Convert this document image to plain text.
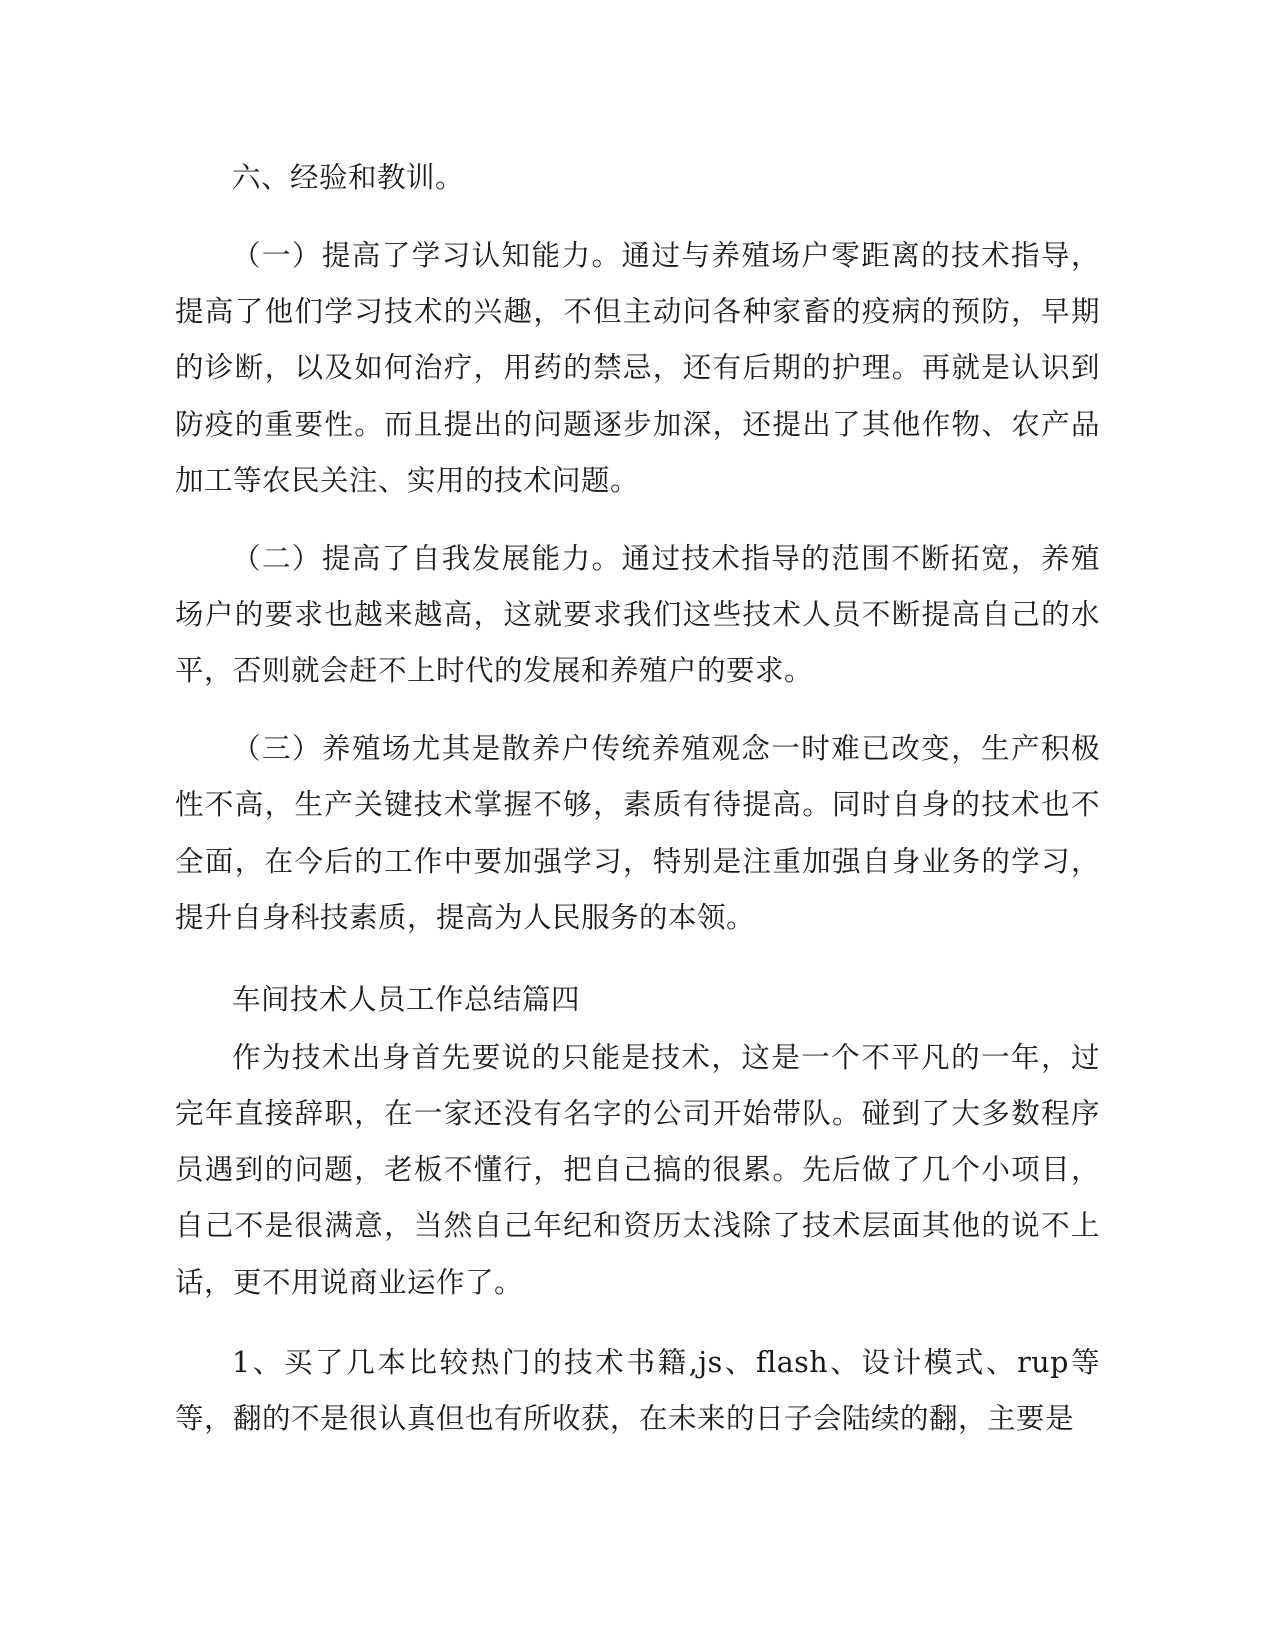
六、经验和教训。

（一）提高了学习认知能力。通过与养殖场户零距离的技术指导，提高了他们学习技术的兴趣，不但主动问各种家畜的疫病的预防，早期的诊断，以及如何治疗，用药的禁忌，还有后期的护理。再就是认识到防疫的重要性。而且提出的问题逐步加深，还提出了其他作物、农产品加工等农民关注、实用的技术问题。

（二）提高了自我发展能力。通过技术指导的范围不断拓宽，养殖场户的要求也越来越高，这就要求我们这些技术人员不断提高自己的水平，否则就会赶不上时代的发展和养殖户的要求。

（三）养殖场尤其是散养户传统养殖观念一时难已改变，生产积极性不高，生产关键技术掌握不够，素质有待提高。同时自身的技术也不全面，在今后的工作中要加强学习，特别是注重加强自身业务的学习，提升自身科技素质，提高为人民服务的本领。

车间技术人员工作总结篇四

作为技术出身首先要说的只能是技术，这是一个不平凡的一年，过完年直接辞职，在一家还没有名字的公司开始带队。碰到了大多数程序员遇到的问题，老板不懂行，把自己搞的很累。先后做了几个小项目，自己不是很满意，当然自己年纪和资历太浅除了技术层面其他的说不上话，更不用说商业运作了。

1、买了几本比较热门的技术书籍,js、flash、设计模式、rup等等，翻的不是很认真但也有所收获，在未来的日子会陆续的翻，主要是
